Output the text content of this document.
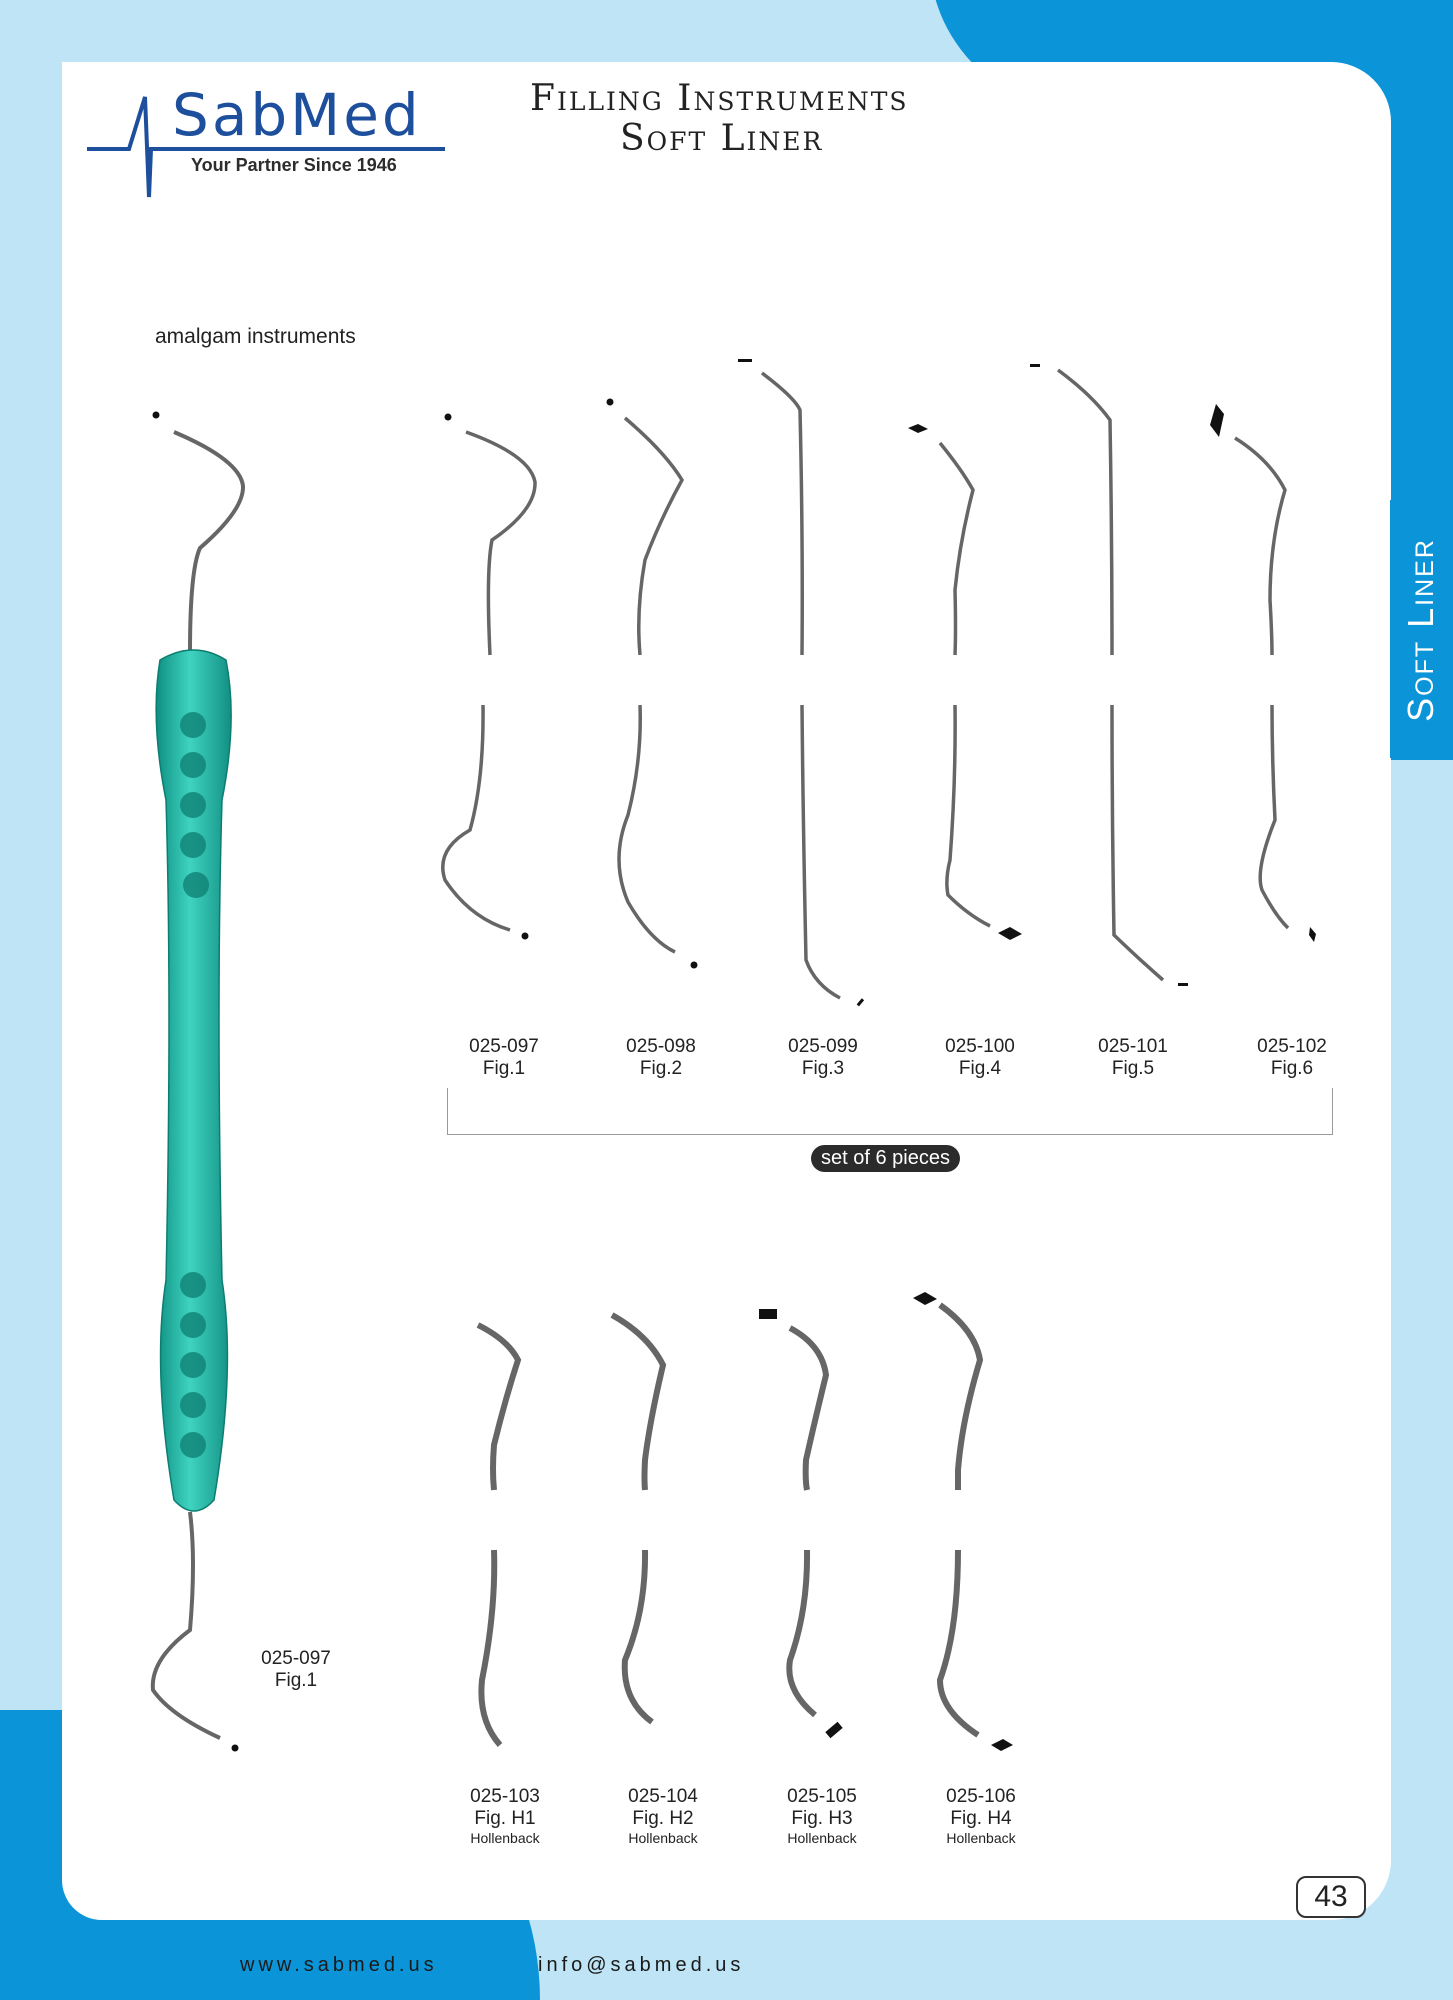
Soft Liner
SabMed
Your Partner Since 1946
Filling Instruments
Soft Liner
amalgam instruments
025-097
Fig.1
025-097
Fig.1
025-098
Fig.2
025-099
Fig.3
025-100
Fig.4
025-101
Fig.5
025-102
Fig.6
set of 6 pieces
025-103
Fig. H1
Hollenback
025-104
Fig. H2
Hollenback
025-105
Fig. H3
Hollenback
025-106
Fig. H4
Hollenback
43
www.sabmed.us	info@sabmed.us
